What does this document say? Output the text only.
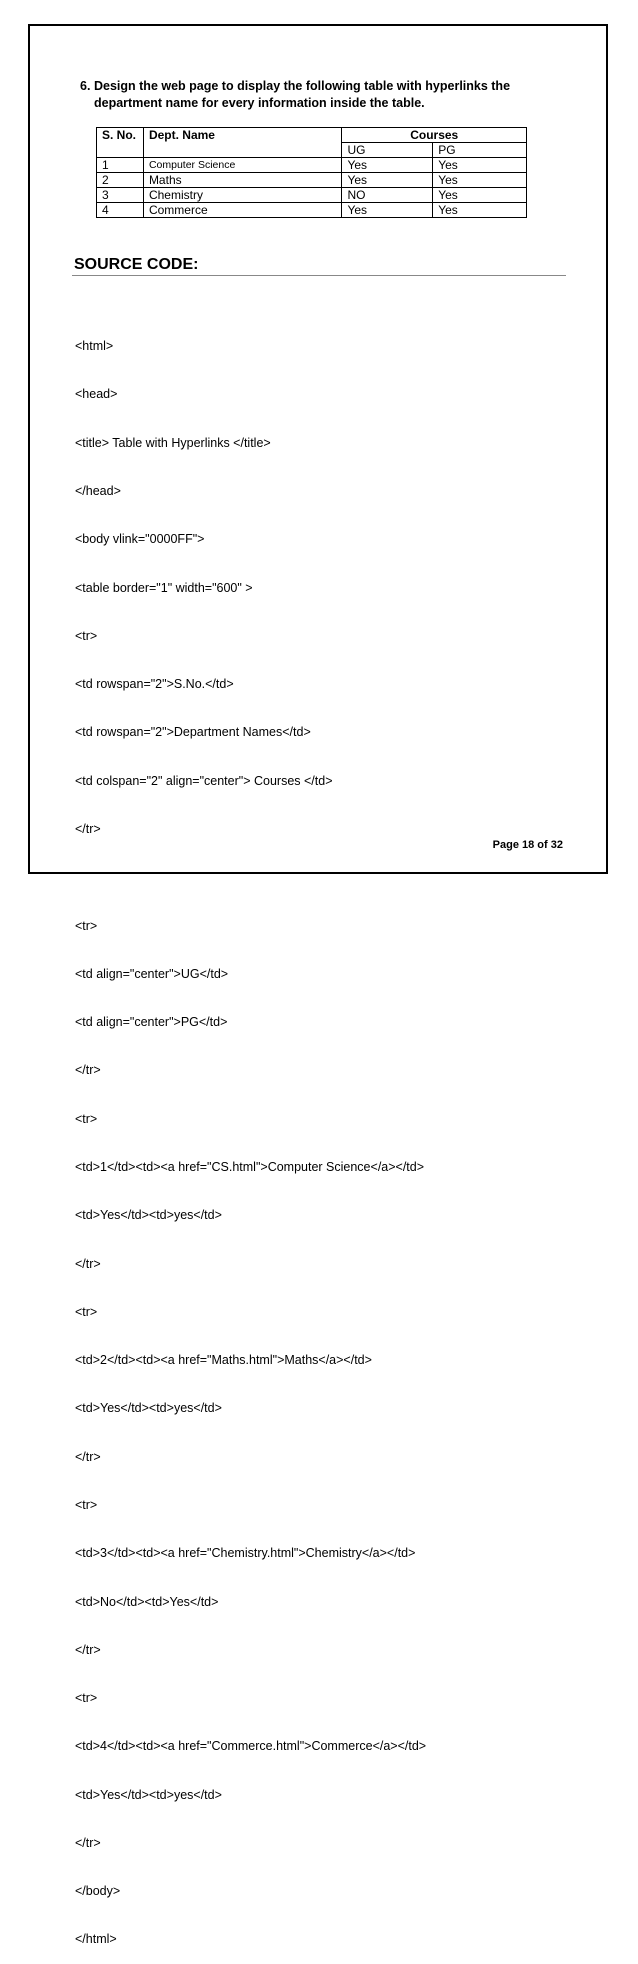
6. Design the web page to display the following table with hyperlinks the
department name for every information inside the table.
S. No.	Dept. Name	Courses	
		UG	PG
1	Computer Science	Yes	Yes
2	Maths	Yes	Yes
3	Chemistry	NO	Yes
4	Commerce	Yes	Yes
SOURCE CODE:

<html>

<head>

<title> Table with Hyperlinks </title>

</head>

<body vlink="0000FF">

<table border="1" width="600" >

<tr>

<td rowspan="2">S.No.</td>

<td rowspan="2">Department Names</td>

<td colspan="2" align="center"> Courses </td>

</tr>

<tr>

<td align="center">UG</td>

<td align="center">PG</td>

</tr>

<tr>

<td>1</td><td><a href="CS.html">Computer Science</a></td>

<td>Yes</td><td>yes</td>

</tr>

<tr>

<td>2</td><td><a href="Maths.html">Maths</a></td>

<td>Yes</td><td>yes</td>

</tr>

<tr>

<td>3</td><td><a href="Chemistry.html">Chemistry</a></td>

<td>No</td><td>Yes</td>

</tr>

<tr>

<td>4</td><td><a href="Commerce.html">Commerce</a></td>

<td>Yes</td><td>yes</td>

</tr>

</body>

</html>

Page 18 of 32
